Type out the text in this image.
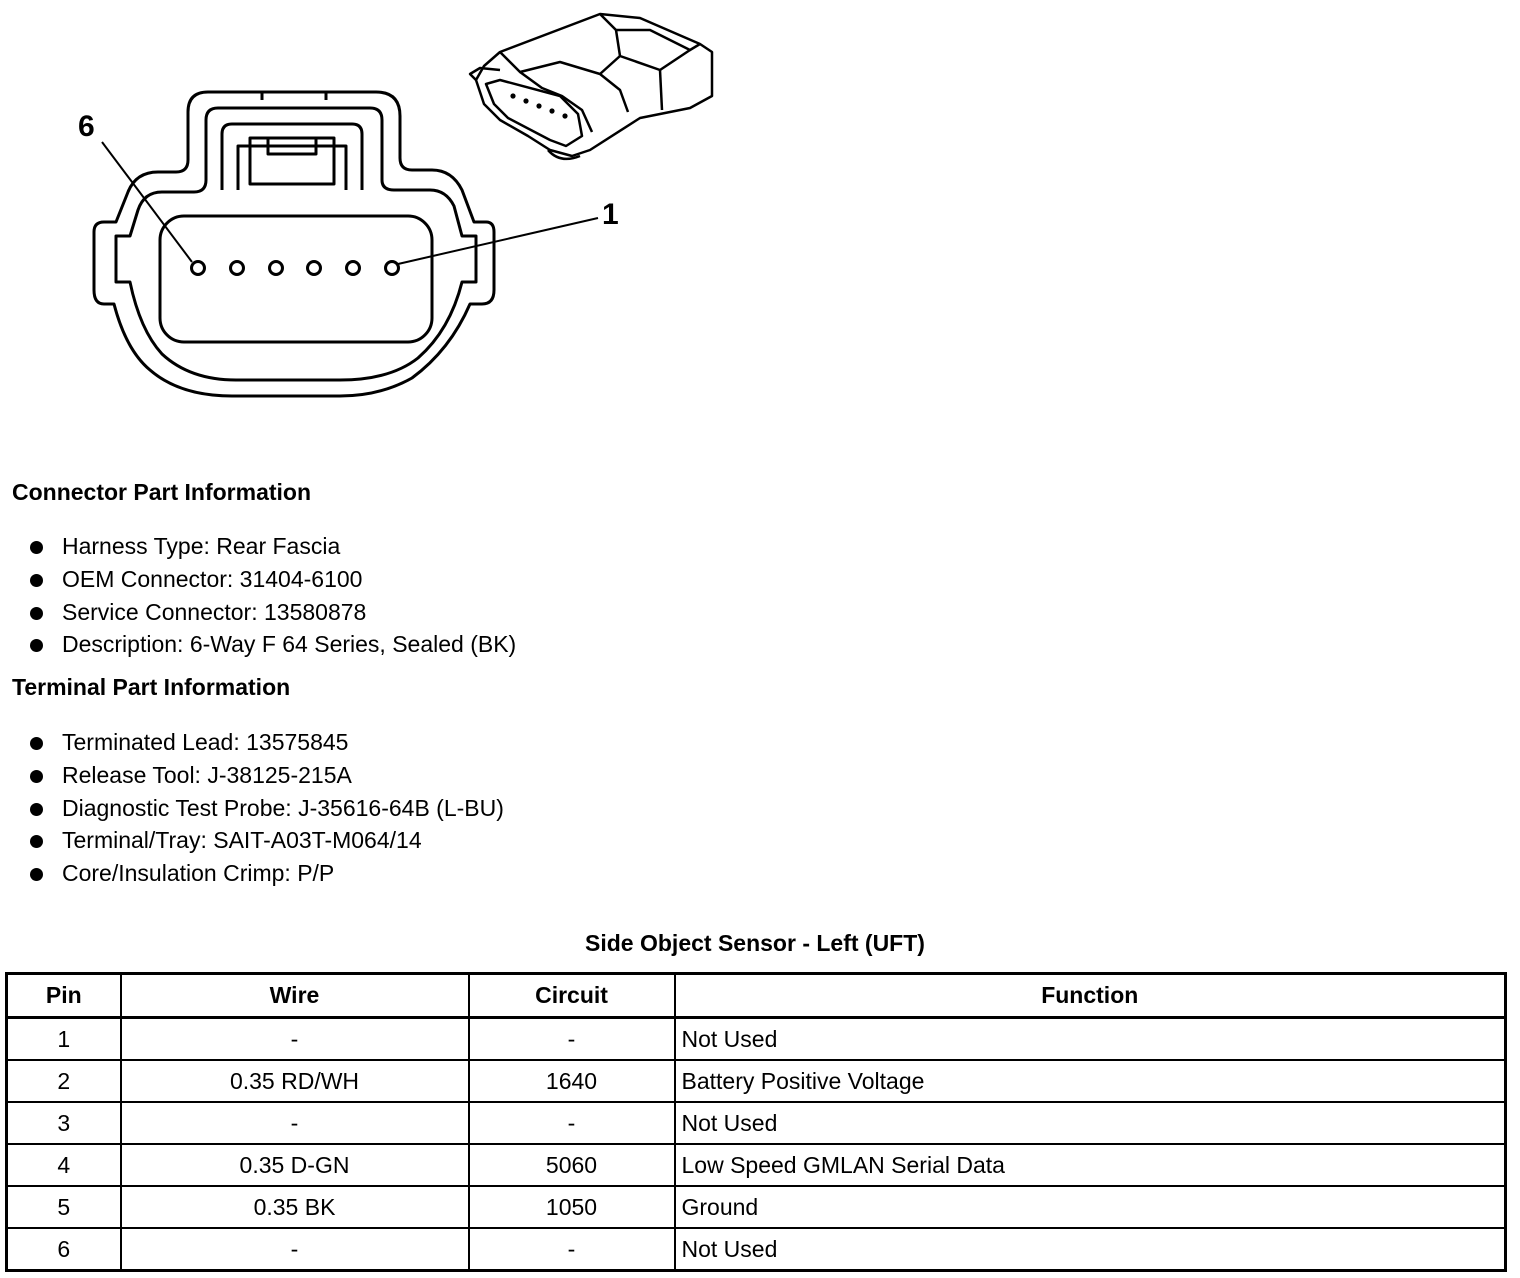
6
1
Connector Part Information
Harness Type: Rear Fascia
OEM Connector: 31404-6100
Service Connector: 13580878
Description: 6-Way F 64 Series, Sealed (BK)
Terminal Part Information
Terminated Lead: 13575845
Release Tool: J-38125-215A
Diagnostic Test Probe: J-35616-64B (L-BU)
Terminal/Tray: SAIT-A03T-M064/14
Core/Insulation Crimp: P/P
Side Object Sensor - Left (UFT)
Pin	Wire	Circuit	Function
1	-	-	Not Used
2	0.35 RD/WH	1640	Battery Positive Voltage
3	-	-	Not Used
4	0.35 D-GN	5060	Low Speed GMLAN Serial Data
5	0.35 BK	1050	Ground
6	-	-	Not Used
